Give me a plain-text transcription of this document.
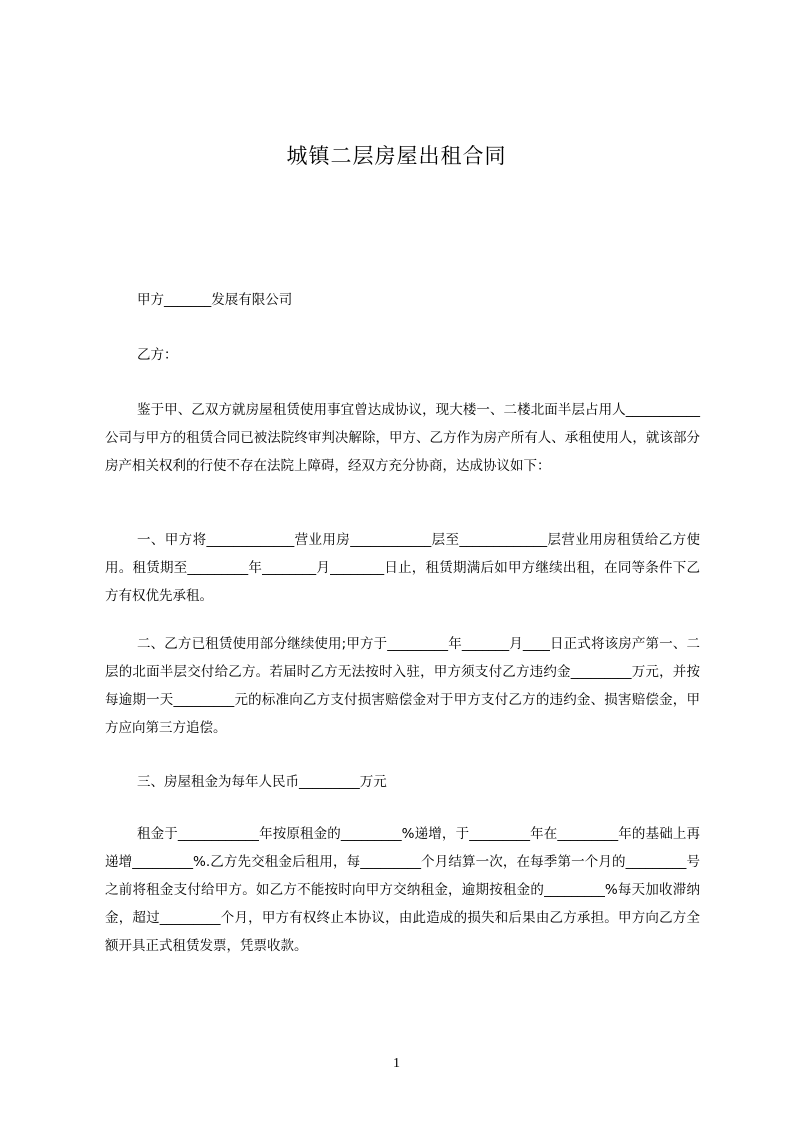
城镇二层房屋出租合同

甲方_______发展有限公司

乙方：

鉴于甲、乙双方就房屋租赁使用事宜曾达成协议，现大楼一、二楼北面半层占用人___________公司与甲方的租赁合同已被法院终审判决解除，甲方、乙方作为房产所有人、承租使用人，就该部分房产相关权利的行使不存在法院上障碍，经双方充分协商，达成协议如下：

一、甲方将_____________营业用房____________层至_____________层营业用房租赁给乙方使用。租赁期至_________年________月________日止，租赁期满后如甲方继续出租，在同等条件下乙方有权优先承租。

二、乙方已租赁使用部分继续使用;甲方于_________年_______月____日正式将该房产第一、二层的北面半层交付给乙方。若届时乙方无法按时入驻，甲方须支付乙方违约金_________万元，并按每逾期一天_________元的标准向乙方支付损害赔偿金对于甲方支付乙方的违约金、损害赔偿金，甲方应向第三方追偿。

三、房屋租金为每年人民币_________万元

租金于____________年按原租金的_________%递增，于_________年在_________年的基础上再递增_________%.乙方先交租金后租用，每_________个月结算一次，在每季第一个月的_________号之前将租金支付给甲方。如乙方不能按时向甲方交纳租金，逾期按租金的_________%每天加收滞纳金，超过_________个月，甲方有权终止本协议，由此造成的损失和后果由乙方承担。甲方向乙方全额开具正式租赁发票，凭票收款。

1
